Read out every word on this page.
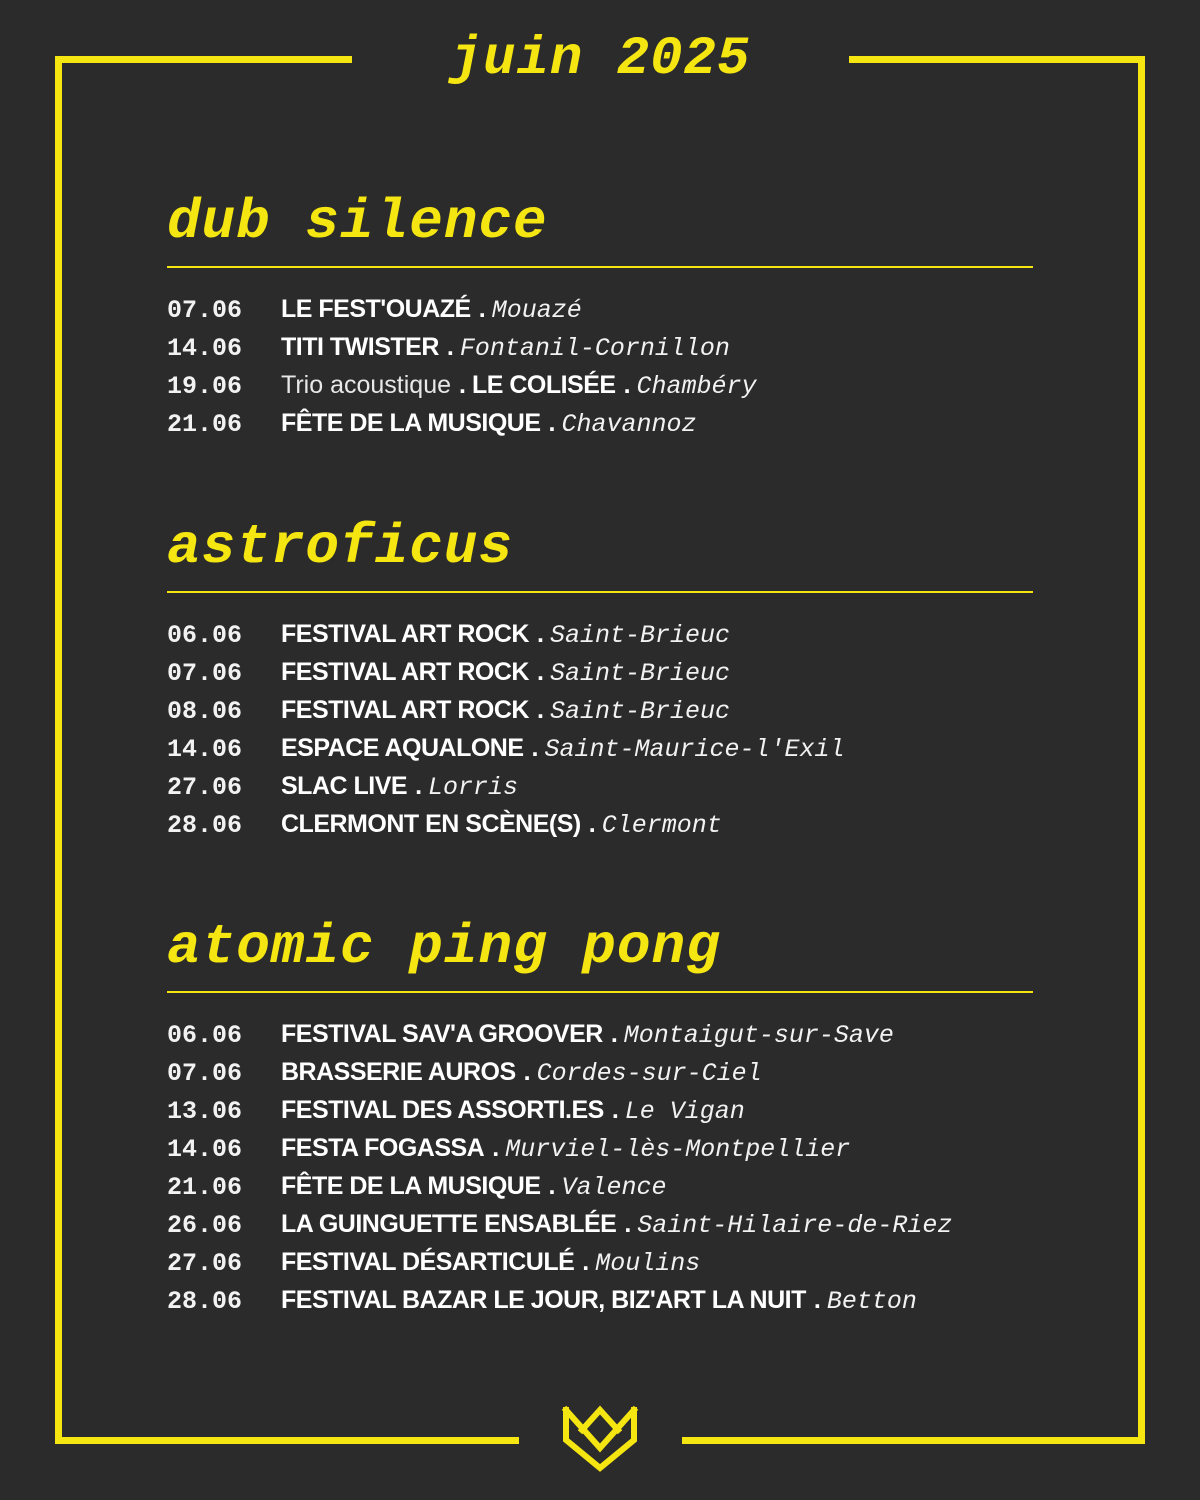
juin 2025
dub silence
07.06 LE FEST'OUAZÉ . Mouazé
14.06 TITI TWISTER . Fontanil-Cornillon
19.06 Trio acoustique . LE COLISÉE . Chambéry
21.06 FÊTE DE LA MUSIQUE . Chavannoz
astroficus
06.06 FESTIVAL ART ROCK . Saint-Brieuc
07.06 FESTIVAL ART ROCK . Saint-Brieuc
08.06 FESTIVAL ART ROCK . Saint-Brieuc
14.06 ESPACE AQUALONE . Saint-Maurice-l'Exil
27.06 SLAC LIVE . Lorris
28.06 CLERMONT EN SCÈNE(S) . Clermont
atomic ping pong
06.06 FESTIVAL SAV'A GROOVER . Montaigut-sur-Save
07.06 BRASSERIE AUROS . Cordes-sur-Ciel
13.06 FESTIVAL DES ASSORTI.ES . Le Vigan
14.06 FESTA FOGASSA . Murviel-lès-Montpellier
21.06 FÊTE DE LA MUSIQUE . Valence
26.06 LA GUINGUETTE ENSABLÉE . Saint-Hilaire-de-Riez
27.06 FESTIVAL DÉSARTICULÉ . Moulins
28.06 FESTIVAL BAZAR LE JOUR, BIZ'ART LA NUIT . Betton
